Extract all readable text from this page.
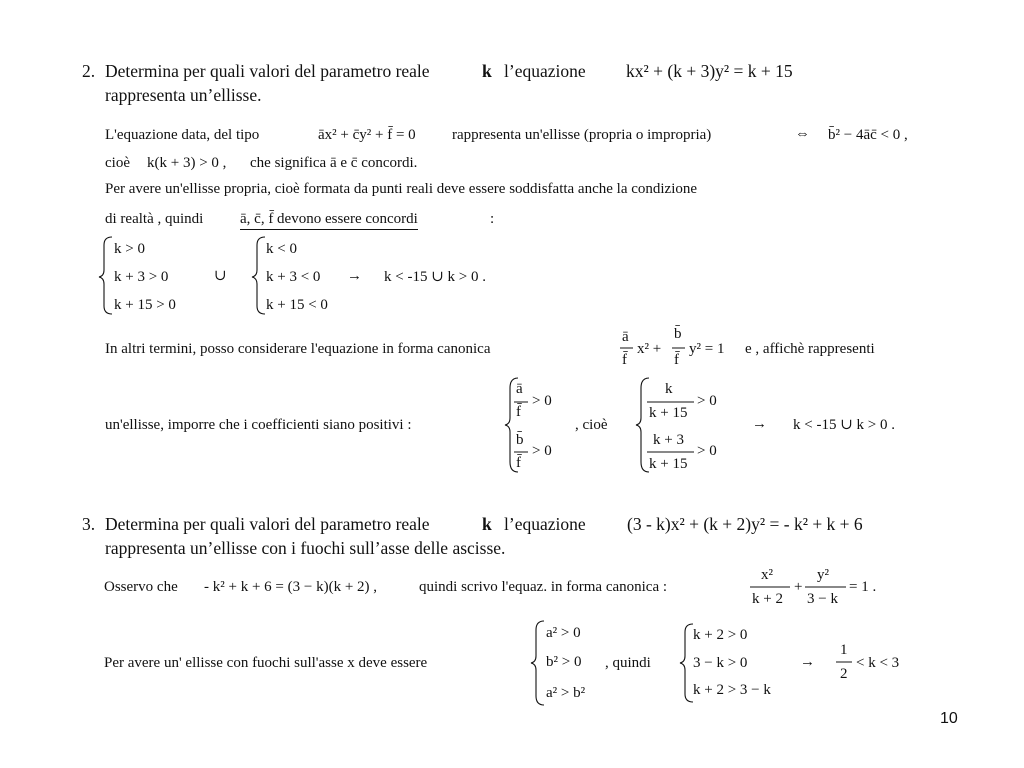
2. Determina per quali valori del parametro reale	k l’equazione kx² + (k + 3)y² = k + 15
rappresenta un’ellisse.
L'equazione data, del tipo	āx² + c̄y² + f̄ = 0 rappresenta un'ellisse (propria o impropria)	⇔ b̄² − 4āc̄ < 0 ,
cioè k(k + 3) > 0 , che significa ā e c̄ concordi.
Per avere un'ellisse propria, cioè formata da punti reali deve essere soddisfatta anche la condizione
di realtà , quindi ā, c̄, f̄ devono essere concordi	:
k > 0
k + 3 > 0
k + 15 > 0
∪
k < 0
k + 3 < 0
k + 15 < 0
→ k < -15 ∪ k > 0 .
In altri termini, posso considerare l'equazione in forma canonica
ā
f̄
x² +
b̄
f̄
y² = 1 e , affichè rappresenti
un'ellisse, imporre che i coefficienti siano positivi :
ā
f̄
> 0
b̄
f̄
> 0
, cioè
k
k + 15
> 0
k + 3
k + 15
> 0
→ k < -15 ∪ k > 0 .
3. Determina per quali valori del parametro reale	k l’equazione (3 - k)x² + (k + 2)y² = - k² + k + 6
rappresenta un’ellisse con i fuochi sull’asse delle ascisse.
Osservo che - k² + k + 6 = (3 − k)(k + 2) ,	quindi scrivo l'equaz. in forma canonica :
x²
k + 2
+
y²
3 − k
= 1 .
Per avere un' ellisse con fuochi sull'asse x deve essere
a² > 0
b² > 0
a² > b²
, quindi
k + 2 > 0
3 − k > 0
k + 2 > 3 − k
→
1
2
< k < 3
10
